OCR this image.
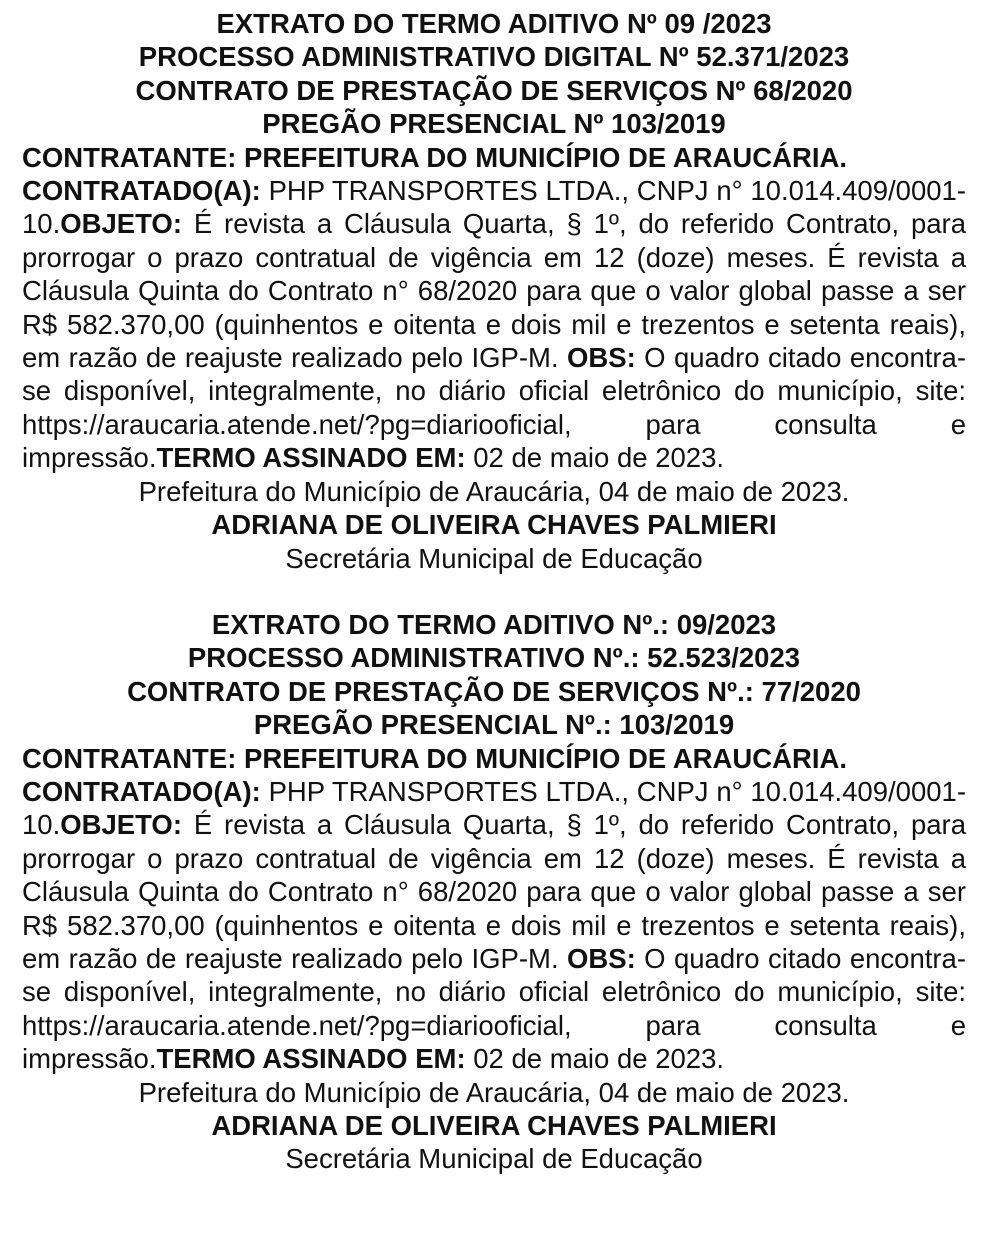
EXTRATO DO TERMO ADITIVO Nº 09 /2023
PROCESSO ADMINISTRATIVO DIGITAL Nº 52.371/2023
CONTRATO DE PRESTAÇÃO DE SERVIÇOS Nº 68/2020
PREGÃO PRESENCIAL Nº 103/2019
CONTRATANTE: PREFEITURA DO MUNICÍPIO DE ARAUCÁRIA.
CONTRATADO(A): PHP TRANSPORTES LTDA., CNPJ n° 10.014.409/0001-10.OBJETO: É revista a Cláusula Quarta, § 1º, do referido Contrato, para prorrogar o prazo contratual de vigência em 12 (doze) meses. É revista a Cláusula Quinta do Contrato n° 68/2020 para que o valor global passe a ser R$ 582.370,00 (quinhentos e oitenta e dois mil e trezentos e setenta reais), em razão de reajuste realizado pelo IGP-M. OBS: O quadro citado encontra-se disponível, integralmente, no diário oficial eletrônico do município, site: https://araucaria.atende.net/?pg=diariooficial, para consulta e impressão.TERMO ASSINADO EM: 02 de maio de 2023.
Prefeitura do Município de Araucária, 04 de maio de 2023.
ADRIANA DE OLIVEIRA CHAVES PALMIERI
Secretária Municipal de Educação
EXTRATO DO TERMO ADITIVO Nº.: 09/2023
PROCESSO ADMINISTRATIVO Nº.: 52.523/2023
CONTRATO DE PRESTAÇÃO DE SERVIÇOS Nº.: 77/2020
PREGÃO PRESENCIAL Nº.: 103/2019
CONTRATANTE: PREFEITURA DO MUNICÍPIO DE ARAUCÁRIA.
CONTRATADO(A): PHP TRANSPORTES LTDA., CNPJ n° 10.014.409/0001-10.OBJETO: É revista a Cláusula Quarta, § 1º, do referido Contrato, para prorrogar o prazo contratual de vigência em 12 (doze) meses. É revista a Cláusula Quinta do Contrato n° 68/2020 para que o valor global passe a ser R$ 582.370,00 (quinhentos e oitenta e dois mil e trezentos e setenta reais), em razão de reajuste realizado pelo IGP-M. OBS: O quadro citado encontra-se disponível, integralmente, no diário oficial eletrônico do município, site: https://araucaria.atende.net/?pg=diariooficial, para consulta e impressão.TERMO ASSINADO EM: 02 de maio de 2023.
Prefeitura do Município de Araucária, 04 de maio de 2023.
ADRIANA DE OLIVEIRA CHAVES PALMIERI
Secretária Municipal de Educação
